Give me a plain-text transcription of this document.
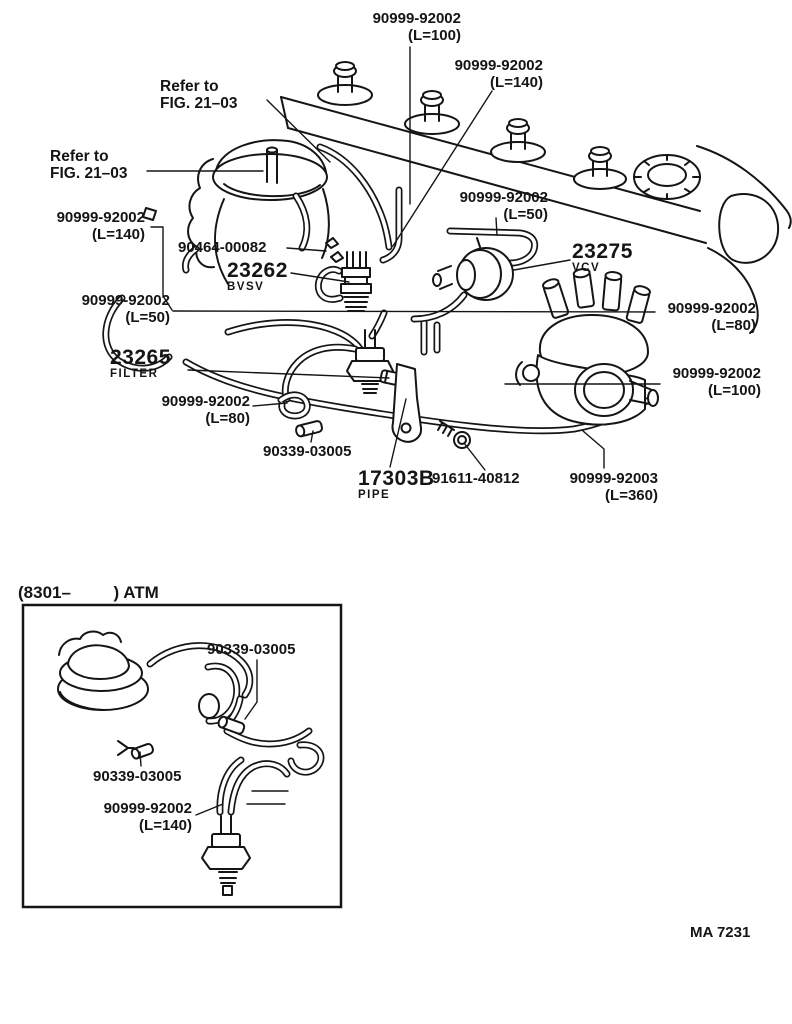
90999-92002
(L=100)
90999-92002
(L=140)
Refer to
FIG. 21–03
Refer to
FIG. 21–03
90999-92002
(L=140)
90464-00082
23262
BVSV
90999-92002
(L=50)
23265
FILTER
90999-92002
(L=80)
90339-03005
17303B
PIPE
91611-40812
90999-92002
(L=50)
23275
VCV
90999-92002
(L=80)
90999-92002
(L=100)
90999-92003
(L=360)
(8301–         ) ATM
90339-03005
90339-03005
90999-92002
(L=140)
MA 7231
